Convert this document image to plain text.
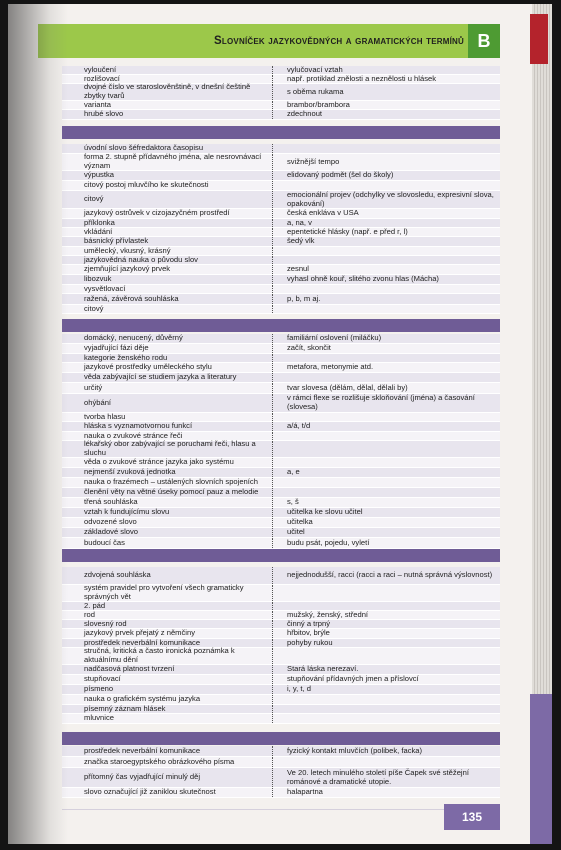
Slovníček jazykovědných a gramatických termínů B
vyloučení	vylučovací vztah
rozlišovací	např. protiklad znělosti a neznělosti u hlásek
dvojné číslo ve staroslověnštině, v dnešní češtině zbytky tvarů	s oběma rukama
varianta	brambor/brambora
hrubé slovo	zdechnout
úvodní slovo šéfredaktora časopisu
forma 2. stupně přídavného jména, ale nesrovnávací význam	svižnější tempo
výpustka	elidovaný podmět (šel do školy)
citový postoj mluvčího ke skutečnosti
citový	emocionální projev (odchylky ve slovosledu, expresivní slova, opakování)
jazykový ostrůvek v cizojazyčném prostředí	česká enkláva v USA
příklonka	a, na, v
vkládání	epentetické hlásky (např. e před r, l)
básnický přívlastek	šedý vlk
umělecký, vkusný, krásný
jazykovědná nauka o původu slov
zjemňující jazykový prvek	zesnul
libozvuk	vyhasl ohně kouř, slitého zvonu hlas (Mácha)
vysvětlovací
ražená, závěrová souhláska	p, b, m aj.
citový
domácký, nenucený, důvěrný	familiární oslovení (miláčku)
vyjadřující fázi děje	začít, skončit
kategorie ženského rodu
jazykové prostředky uměleckého stylu	metafora, metonymie atd.
věda zabývající se studiem jazyka a literatury
určitý	tvar slovesa (dělám, dělal, dělali by)
ohýbání	v rámci flexe se rozlišuje skloňování (jména) a časování (slovesa)
tvorba hlasu
hláska s vyznamotvornou funkcí	a/á, t/d
nauka o zvukové stránce řeči
lékařský obor zabývající se poruchami řeči, hlasu a sluchu
věda o zvukové stránce jazyka jako systému
nejmenší zvuková jednotka	a, e
nauka o frazémech – ustálených slovních spojeních
členění věty na větné úseky pomocí pauz a melodie
třená souhláska	s, š
vztah k fundujícímu slovu	učitelka ke slovu učitel
odvozené slovo	učitelka
základové slovo	učitel
budoucí čas	budu psát, pojedu, vyletí
zdvojená souhláska	nejjednodušší, racci (racci a raci – nutná správná výslovnost)
systém pravidel pro vytvoření všech gramaticky správných vět
2. pád
rod	mužský, ženský, střední
slovesný rod	činný a trpný
jazykový prvek přejatý z němčiny	hřbitov, brýle
prostředek neverbální komunikace	pohyby rukou
stručná, kritická a často ironická poznámka k aktuálnímu dění
nadčasová platnost tvrzení	Stará láska nerezaví.
stupňovací	stupňování přídavných jmen a příslovcí
písmeno	i, y, t, d
nauka o grafickém systému jazyka
písemný záznam hlásek
mluvnice
prostředek neverbální komunikace	fyzický kontakt mluvčích (polibek, facka)
značka staroegyptského obrázkového písma
přítomný čas vyjadřující minulý děj	Ve 20. letech minulého století píše Čapek své stěžejní románové a dramatické utopie.
slovo označující již zaniklou skutečnost	halapartna
135
